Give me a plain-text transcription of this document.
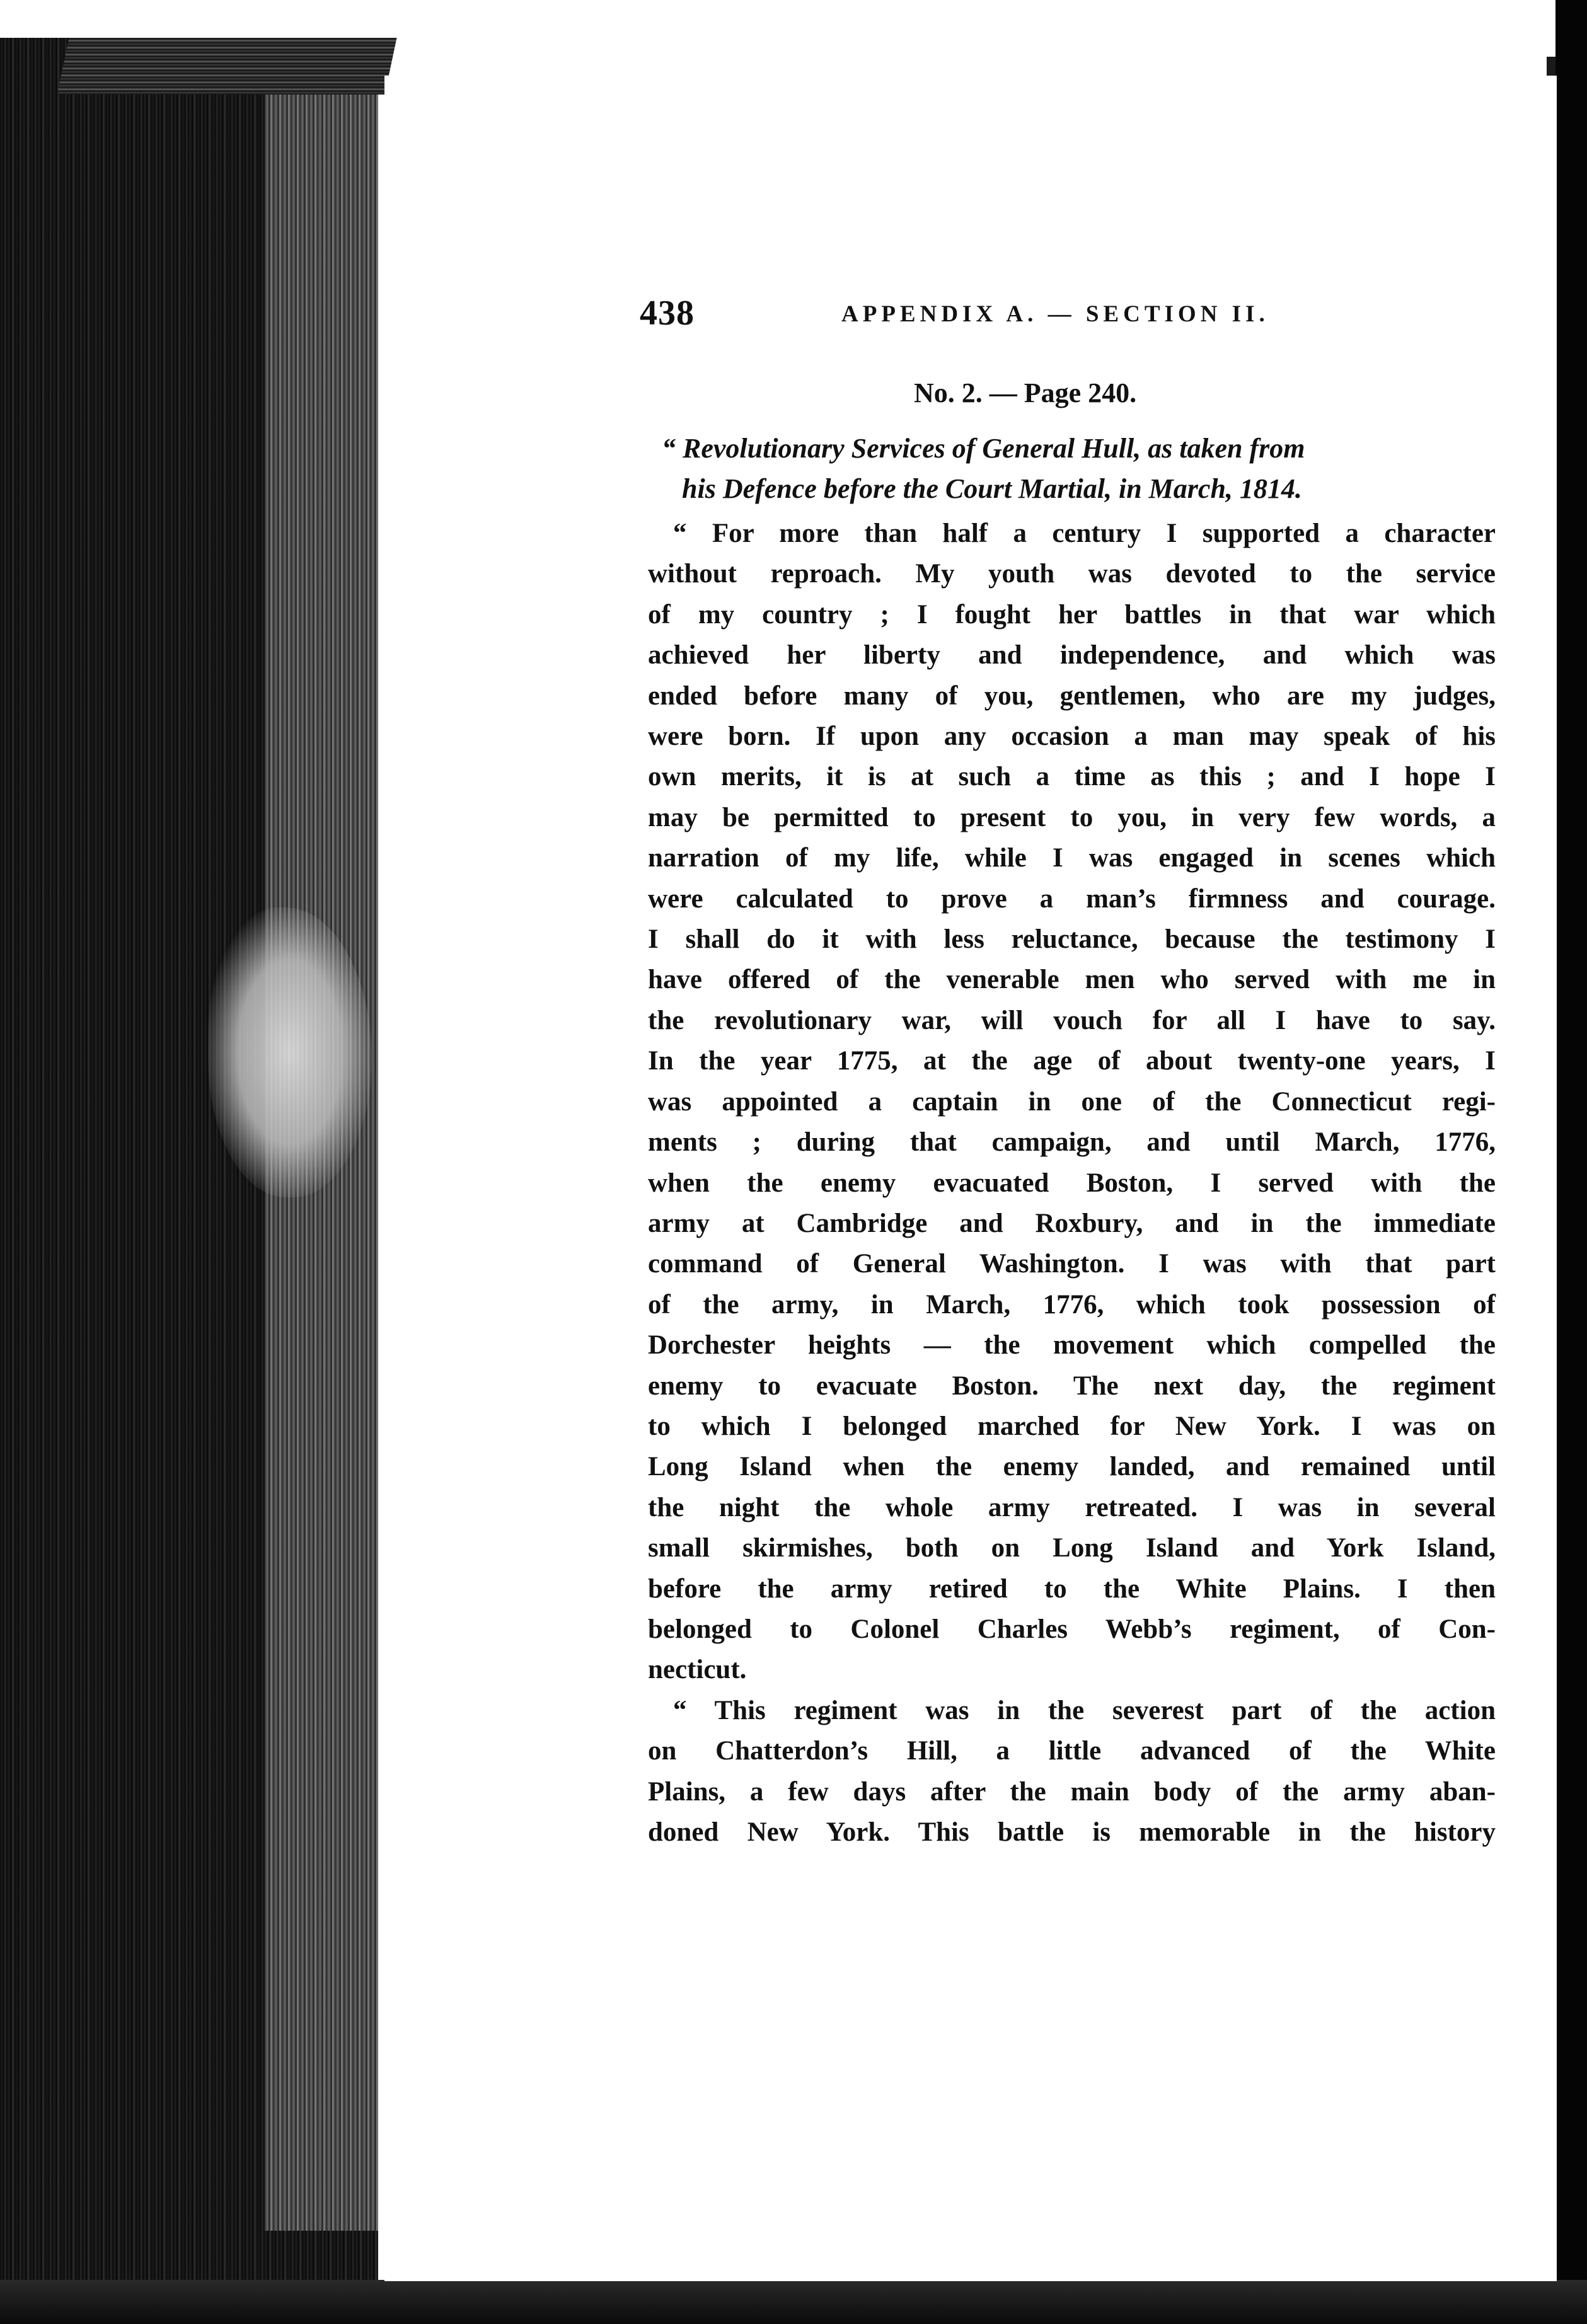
438	APPENDIX A. — SECTION II.
No. 2. — Page 240.
“ Revolutionary Services of General Hull, as taken from
his Defence before the Court Martial, in March, 1814.
“ For more than half a century I supported a character
without reproach. My youth was devoted to the service
of my country ; I fought her battles in that war which
achieved her liberty and independence, and which was
ended before many of you, gentlemen, who are my judges,
were born. If upon any occasion a man may speak of his
own merits, it is at such a time as this ; and I hope I
may be permitted to present to you, in very few words, a
narration of my life, while I was engaged in scenes which
were calculated to prove a man’s firmness and courage.
I shall do it with less reluctance, because the testimony I
have offered of the venerable men who served with me in
the revolutionary war, will vouch for all I have to say.
In the year 1775, at the age of about twenty-one years, I
was appointed a captain in one of the Connecticut regi-
ments ; during that campaign, and until March, 1776,
when the enemy evacuated Boston, I served with the
army at Cambridge and Roxbury, and in the immediate
command of General Washington. I was with that part
of the army, in March, 1776, which took possession of
Dorchester heights — the movement which compelled the
enemy to evacuate Boston. The next day, the regiment
to which I belonged marched for New York. I was on
Long Island when the enemy landed, and remained until
the night the whole army retreated. I was in several
small skirmishes, both on Long Island and York Island,
before the army retired to the White Plains. I then
belonged to Colonel Charles Webb’s regiment, of Con-
necticut.
“ This regiment was in the severest part of the action
on Chatterdon’s Hill, a little advanced of the White
Plains, a few days after the main body of the army aban-
doned New York. This battle is memorable in the history
